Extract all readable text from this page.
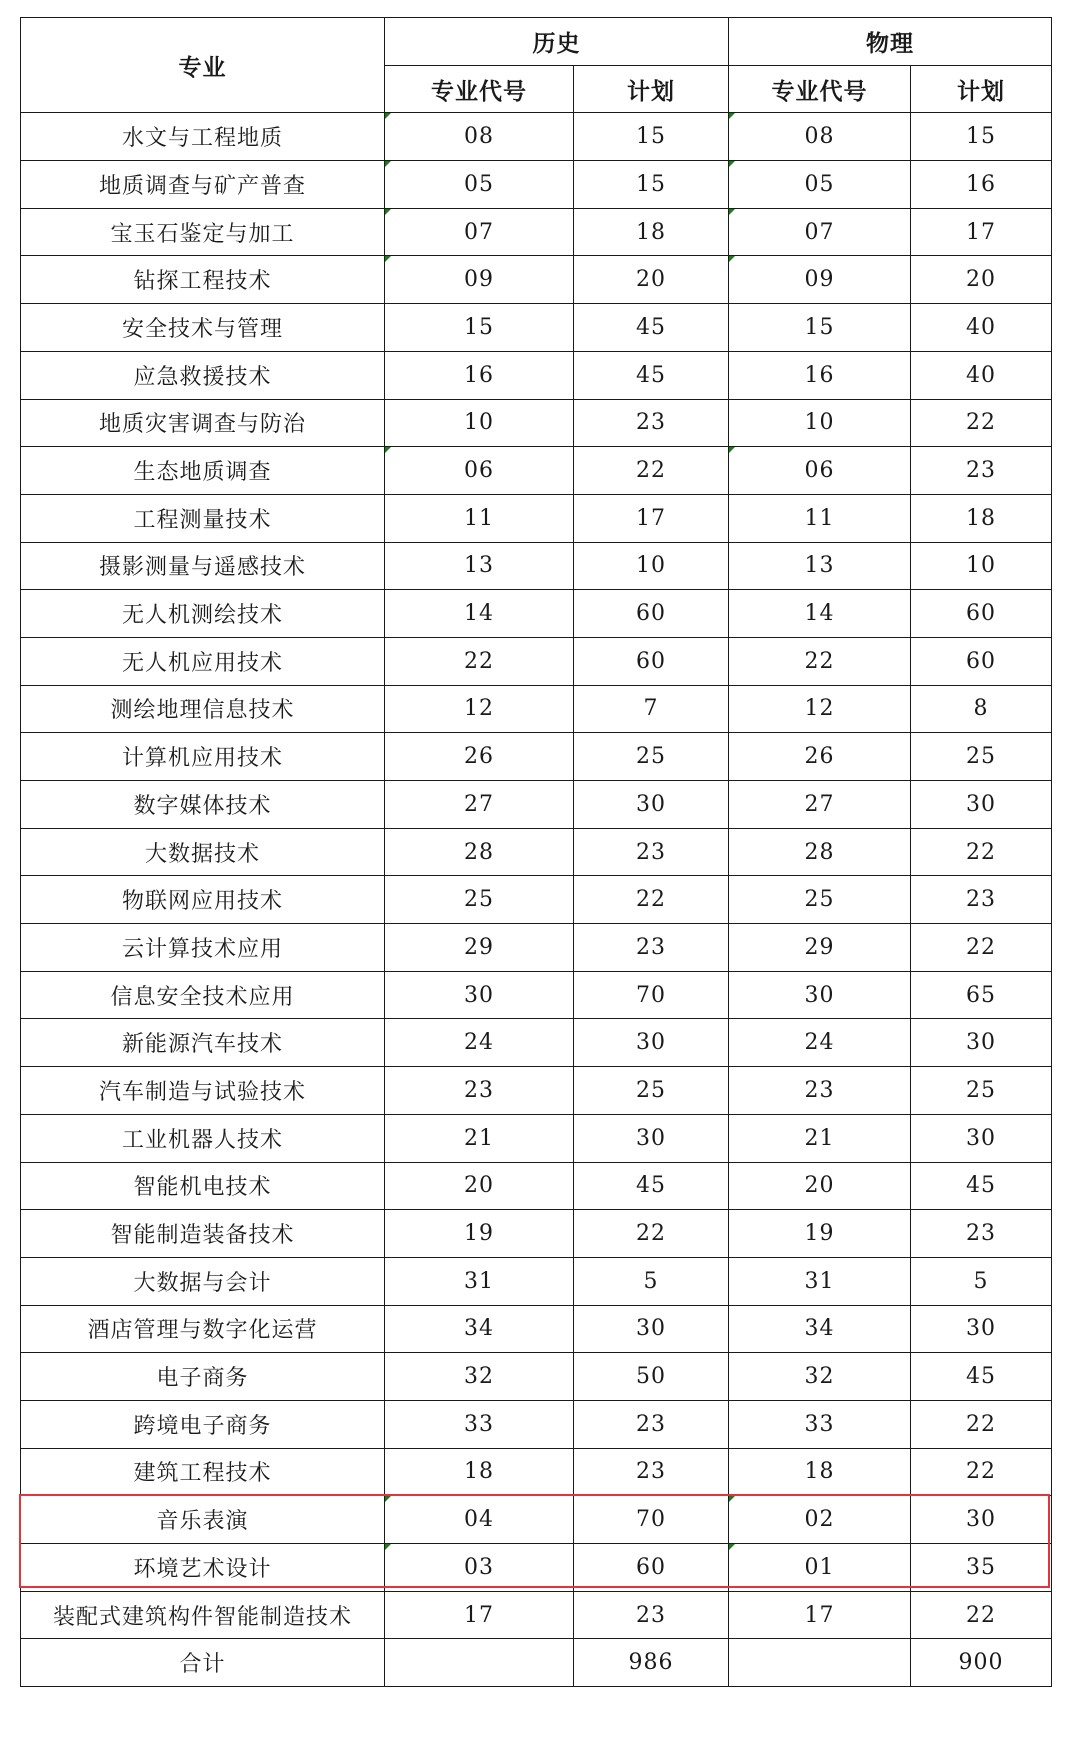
专业	历史		物理	
	专业代号	计划	专业代号	计划
水文与工程地质	08	15	08	15
地质调查与矿产普查	05	15	05	16
宝玉石鉴定与加工	07	18	07	17
钻探工程技术	09	20	09	20
安全技术与管理	15	45	15	40
应急救援技术	16	45	16	40
地质灾害调查与防治	10	23	10	22
生态地质调查	06	22	06	23
工程测量技术	11	17	11	18
摄影测量与遥感技术	13	10	13	10
无人机测绘技术	14	60	14	60
无人机应用技术	22	60	22	60
测绘地理信息技术	12	7	12	8
计算机应用技术	26	25	26	25
数字媒体技术	27	30	27	30
大数据技术	28	23	28	22
物联网应用技术	25	22	25	23
云计算技术应用	29	23	29	22
信息安全技术应用	30	70	30	65
新能源汽车技术	24	30	24	30
汽车制造与试验技术	23	25	23	25
工业机器人技术	21	30	21	30
智能机电技术	20	45	20	45
智能制造装备技术	19	22	19	23
大数据与会计	31	5	31	5
酒店管理与数字化运营	34	30	34	30
电子商务	32	50	32	45
跨境电子商务	33	23	33	22
建筑工程技术	18	23	18	22
音乐表演	04	70	02	30
环境艺术设计	03	60	01	35
装配式建筑构件智能制造技术	17	23	17	22
合计		986		900
